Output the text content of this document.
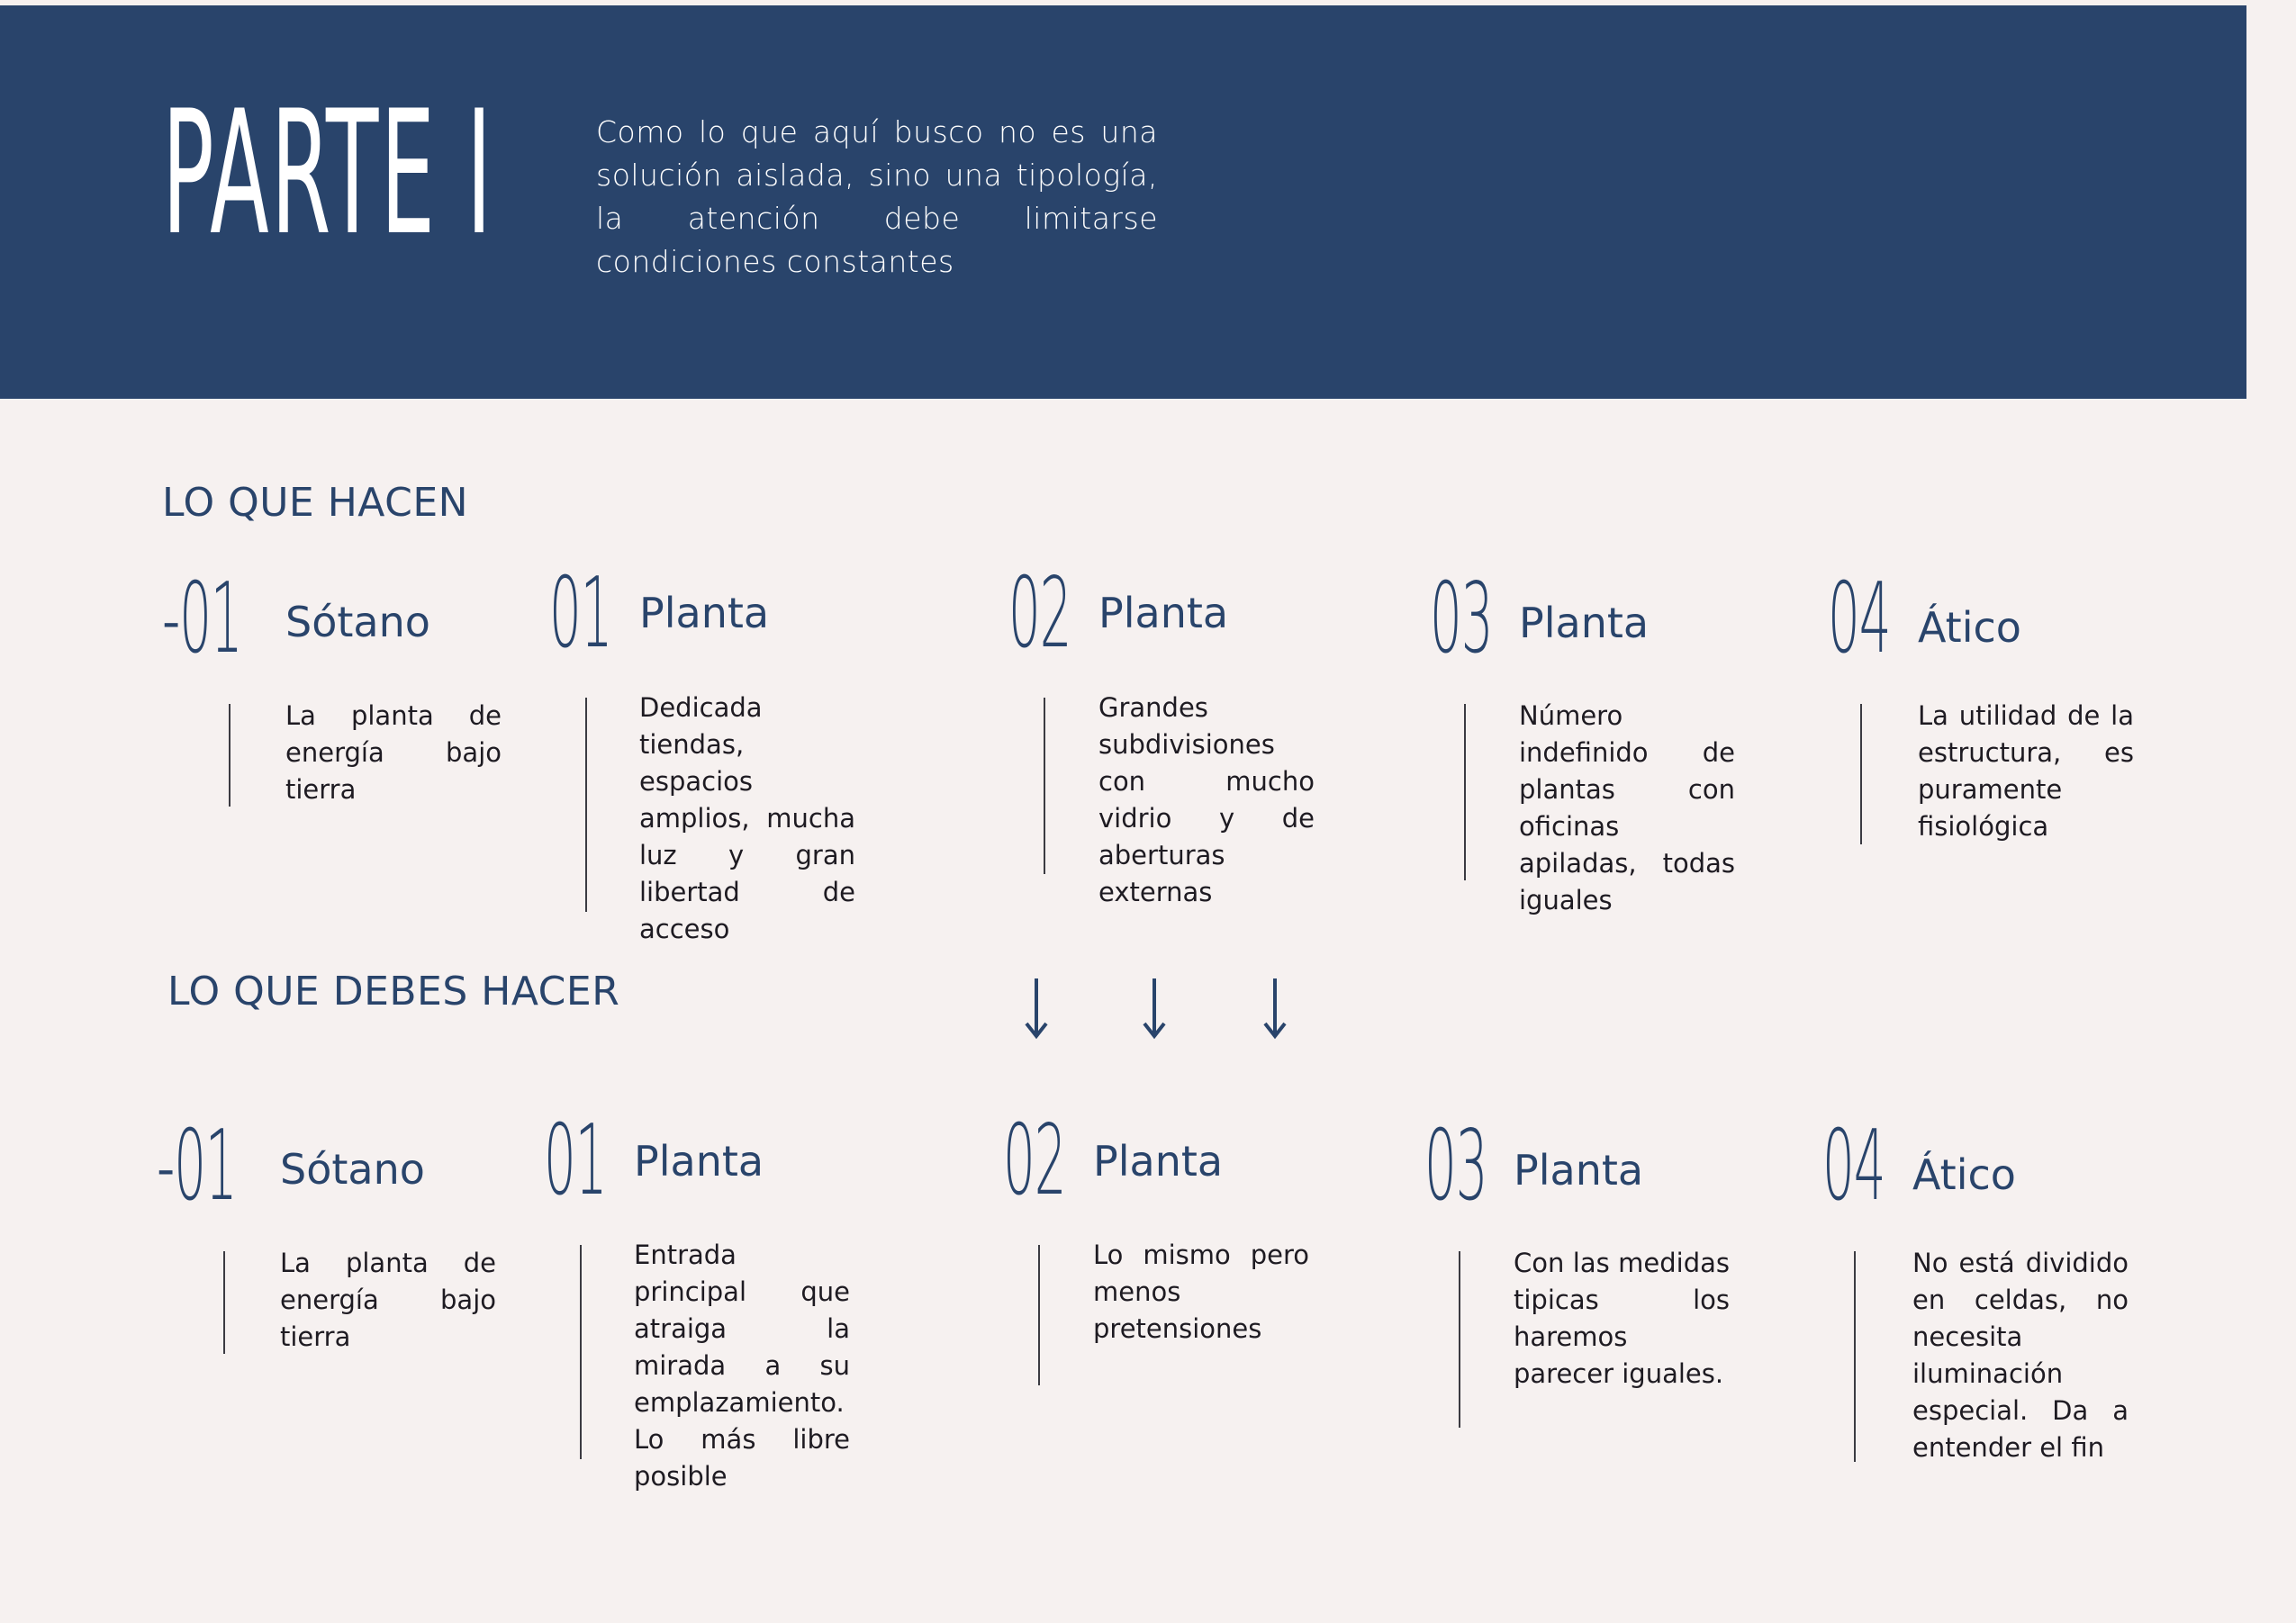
PARTE I	Como lo que aquí busco no es una solución aislada, sino una tipología, la atención debe limitarse condiciones constantes
LO QUE HACEN
-01 Sótano
La planta de energía bajo tierra
01 Planta
Dedicada tiendas, espacios amplios, mucha luz y gran libertad de acceso
02 Planta
Grandes subdivisiones con mucho vidrio y de aberturas externas
03 Planta
Número indefinido de plantas con oficinas apiladas, todas iguales
04 Ático
La utilidad de la estructura, es puramente fisiológica
LO QUE DEBES HACER
-01 Sótano
La planta de energía bajo tierra
01 Planta
Entrada principal que atraiga la mirada a su emplazamiento. Lo más libre posible
02 Planta
Lo mismo pero menos pretensiones
03 Planta
Con las medidas tipicas los haremos parecer iguales.
04 Ático
No está dividido en celdas, no necesita iluminación especial. Da a entender el fin
